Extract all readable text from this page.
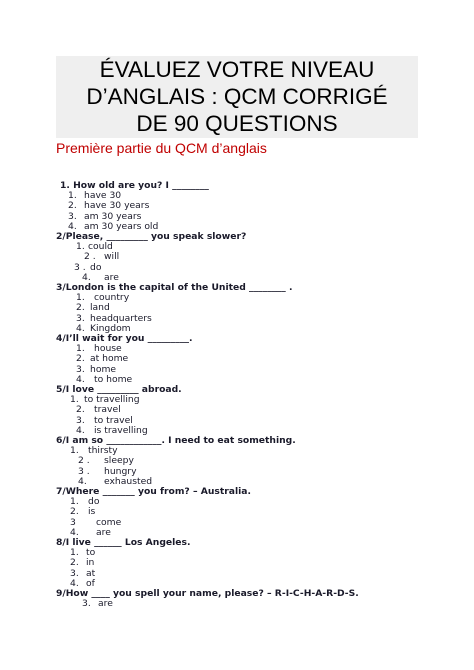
ÉVALUEZ VOTRE NIVEAU
D’ANGLAIS : QCM CORRIGÉ
DE 90 QUESTIONS

Première partie du QCM d’anglais

1. How old are you? I ________
1. have 30
2. have 30 years
3. am 30 years
4. am 30 years old
2/Please, _________ you speak slower?
1. could
2 . will
3 . do
4. are
3/London is the capital of the United ________ .
1. country
2. land
3. headquarters
4. Kingdom
4/I’ll wait for you _________.
1. house
2. at home
3. home
4. to home
5/I love _________ abroad.
1. to travelling
2. travel
3. to travel
4. is travelling
6/I am so ____________. I need to eat something.
1. thirsty
2 . sleepy
3 . hungry
4. exhausted
7/Where _______ you from? – Australia.
1. do
2. is
3 come
4. are
8/I live ______ Los Angeles.
1. to
2. in
3. at
4. of
9/How ____ you spell your name, please? – R-I-C-H-A-R-D-S.
3. are
